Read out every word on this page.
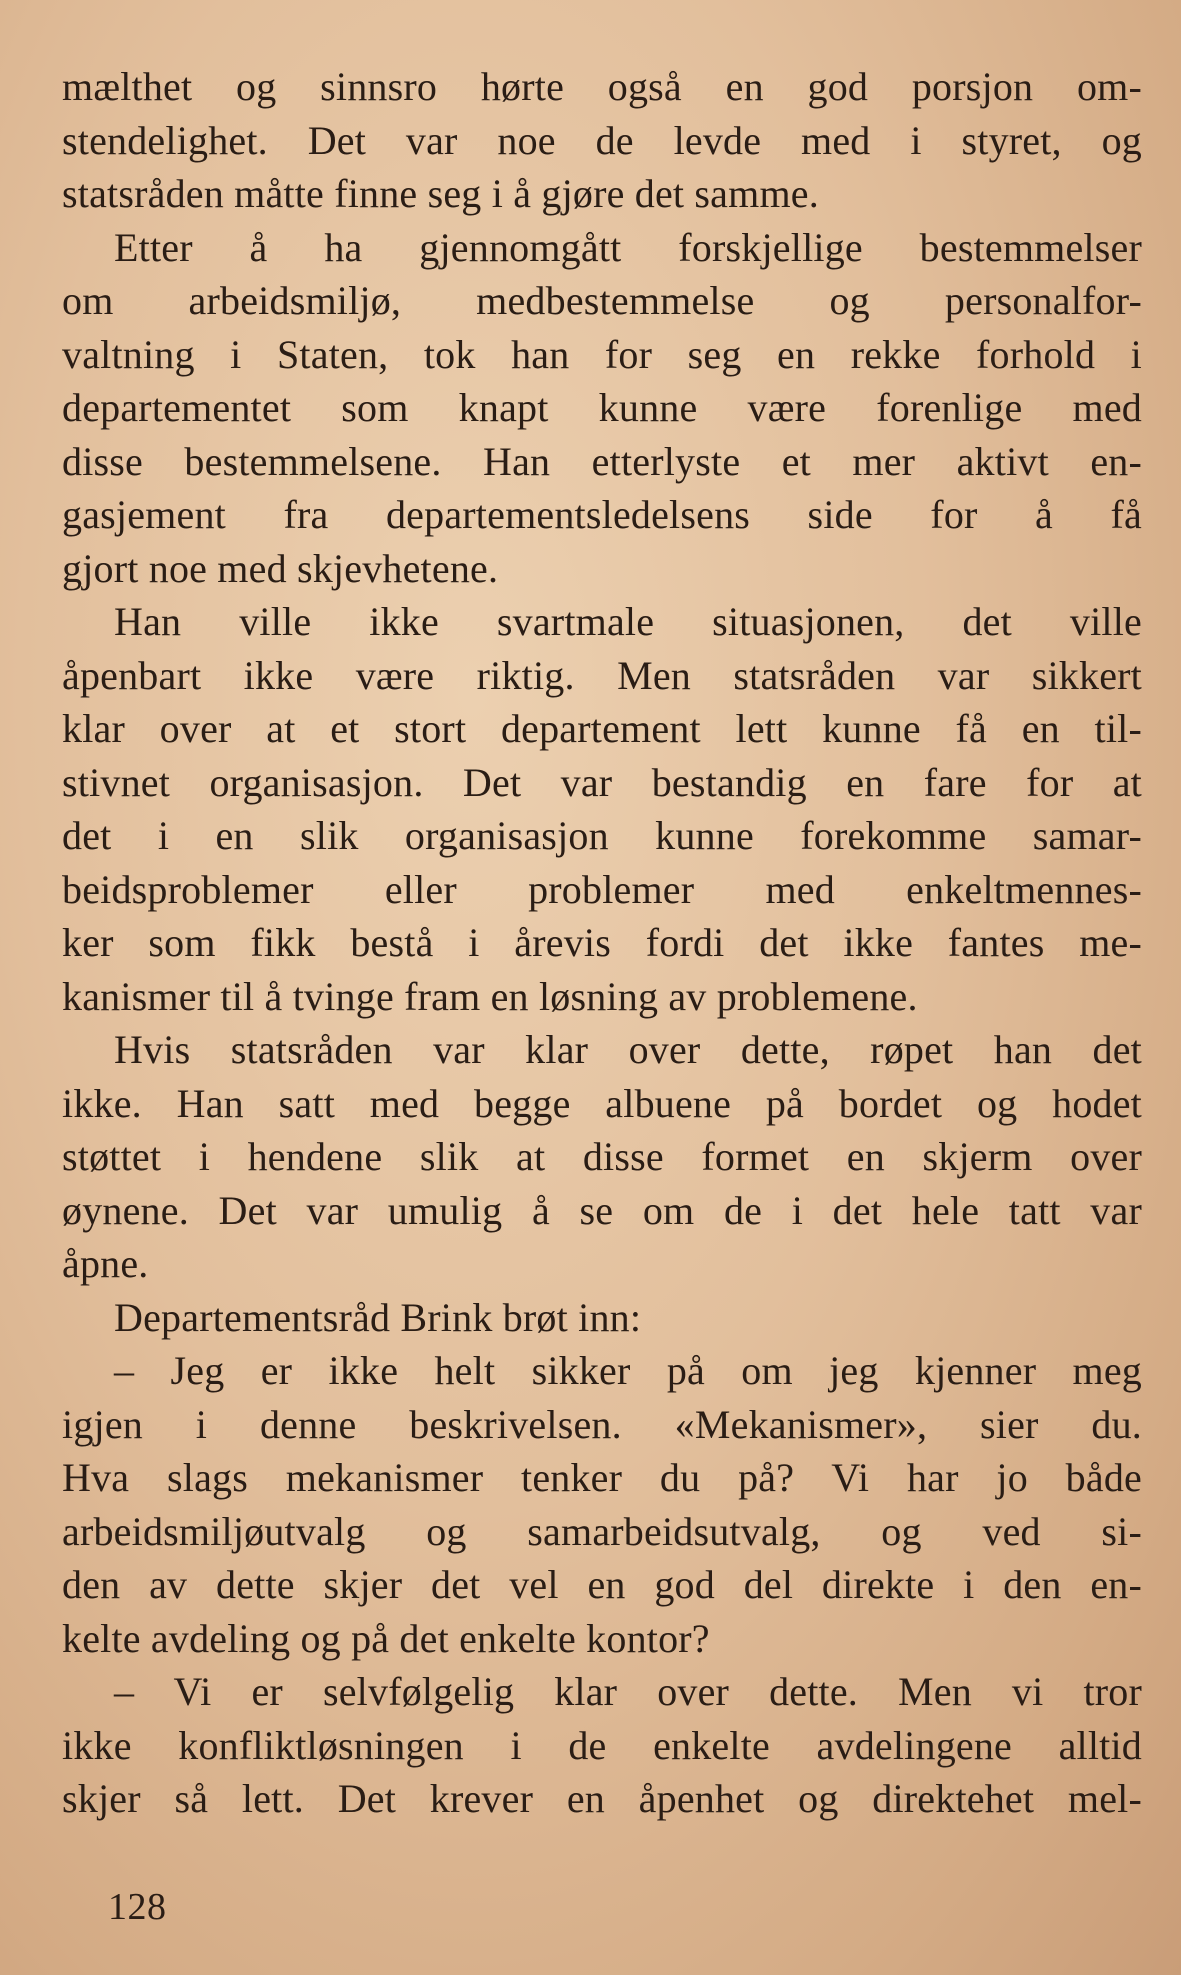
mælthet og sinnsro hørte også en god porsjon om-
stendelighet. Det var noe de levde med i styret, og
statsråden måtte finne seg i å gjøre det samme.
Etter å ha gjennomgått forskjellige bestemmelser
om arbeidsmiljø, medbestemmelse og personalfor-
valtning i Staten, tok han for seg en rekke forhold i
departementet som knapt kunne være forenlige med
disse bestemmelsene. Han etterlyste et mer aktivt en-
gasjement fra departementsledelsens side for å få
gjort noe med skjevhetene.
Han ville ikke svartmale situasjonen, det ville
åpenbart ikke være riktig. Men statsråden var sikkert
klar over at et stort departement lett kunne få en til-
stivnet organisasjon. Det var bestandig en fare for at
det i en slik organisasjon kunne forekomme samar-
beidsproblemer eller problemer med enkeltmennes-
ker som fikk bestå i årevis fordi det ikke fantes me-
kanismer til å tvinge fram en løsning av problemene.
Hvis statsråden var klar over dette, røpet han det
ikke. Han satt med begge albuene på bordet og hodet
støttet i hendene slik at disse formet en skjerm over
øynene. Det var umulig å se om de i det hele tatt var
åpne.
Departementsråd Brink brøt inn:
– Jeg er ikke helt sikker på om jeg kjenner meg
igjen i denne beskrivelsen. «Mekanismer», sier du.
Hva slags mekanismer tenker du på? Vi har jo både
arbeidsmiljøutvalg og samarbeidsutvalg, og ved si-
den av dette skjer det vel en god del direkte i den en-
kelte avdeling og på det enkelte kontor?
– Vi er selvfølgelig klar over dette. Men vi tror
ikke konfliktløsningen i de enkelte avdelingene alltid
skjer så lett. Det krever en åpenhet og direktehet mel-
128
